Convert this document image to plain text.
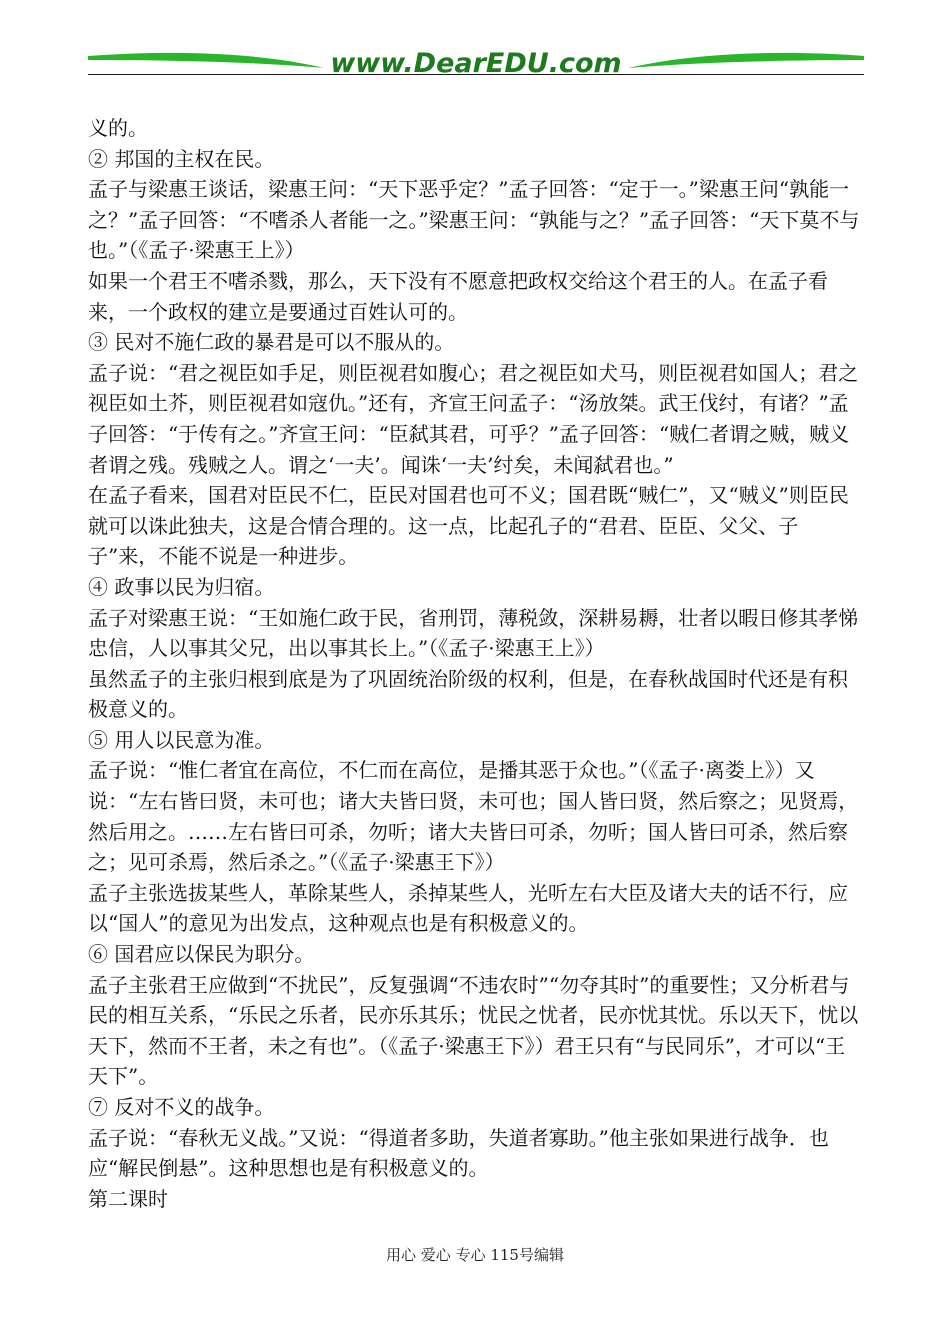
www.DearEDU.com

义的。

② 邦国的主权在民。

孟子与梁惠王谈话，梁惠王问：“天下恶乎定？”孟子回答：“定于一。”梁惠王问“孰能一之？”孟子回答：“不嗜杀人者能一之。”梁惠王问：“孰能与之？”孟子回答：“天下莫不与也。”（《孟子·梁惠王上》）

如果一个君王不嗜杀戮，那么，天下没有不愿意把政权交给这个君王的人。在孟子看来，一个政权的建立是要通过百姓认可的。

③ 民对不施仁政的暴君是可以不服从的。

孟子说：“君之视臣如手足，则臣视君如腹心；君之视臣如犬马，则臣视君如国人；君之视臣如土芥，则臣视君如寇仇。”还有，齐宣王问孟子：“汤放桀。武王伐纣，有诸？”孟子回答：“于传有之。”齐宣王问：“臣弑其君，可乎？”孟子回答：“贼仁者谓之贼，贼义者谓之残。残贼之人。谓之‘一夫’。闻诛‘一夫’纣矣，未闻弑君也。”

在孟子看来，国君对臣民不仁，臣民对国君也可不义；国君既“贼仁”，又“贼义”则臣民就可以诛此独夫，这是合情合理的。这一点，比起孔子的“君君、臣臣、父父、子子”来，不能不说是一种进步。

④ 政事以民为归宿。

孟子对梁惠王说：“王如施仁政于民，省刑罚，薄税敛，深耕易耨，壮者以暇日修其孝悌忠信，人以事其父兄，出以事其长上。”（《孟子·梁惠王上》）

虽然孟子的主张归根到底是为了巩固统治阶级的权利，但是，在春秋战国时代还是有积极意义的。

⑤ 用人以民意为准。

孟子说：“惟仁者宜在高位，不仁而在高位，是播其恶于众也。”（《孟子·离娄上》）又说：“左右皆曰贤，未可也；诸大夫皆曰贤，未可也；国人皆曰贤，然后察之；见贤焉，然后用之。……左右皆曰可杀，勿听；诸大夫皆曰可杀，勿听；国人皆曰可杀，然后察之；见可杀焉，然后杀之。”（《孟子·梁惠王下》）

孟子主张选拔某些人，革除某些人，杀掉某些人，光听左右大臣及诸大夫的话不行，应以“国人”的意见为出发点，这种观点也是有积极意义的。

⑥ 国君应以保民为职分。

孟子主张君王应做到“不扰民”，反复强调“不违农时”“勿夺其时”的重要性；又分析君与民的相互关系，“乐民之乐者，民亦乐其乐；忧民之忧者，民亦忧其忧。乐以天下，忧以天下，然而不王者，未之有也”。（《孟子·梁惠王下》）君王只有“与民同乐”，才可以“王天下”。

⑦ 反对不义的战争。

孟子说：“春秋无义战。”又说：“得道者多助，失道者寡助。”他主张如果进行战争．也应“解民倒悬”。这种思想也是有积极意义的。

第二课时

用心 爱心 专心 115号编辑
